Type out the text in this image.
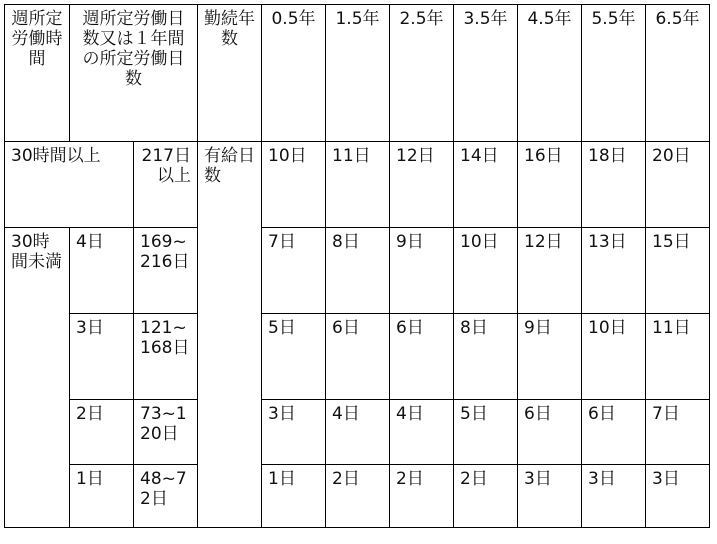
週所定労働時間	週所定労働日数又は１年間の所定労働日数		勤続年数	0.5年	1.5年	2.5年	3.5年	4.5年	5.5年	6.5年
30時間以上		217日以上	有給日数	10日	11日	12日	14日	16日	18日	20日
30時間未満	4日	169~216日		7日	8日	9日	10日	12日	13日	15日
	3日	121~168日		5日	6日	6日	8日	9日	10日	11日
	2日	73~120日		3日	4日	4日	5日	6日	6日	7日
	1日	48~72日		1日	2日	2日	2日	3日	3日	3日
